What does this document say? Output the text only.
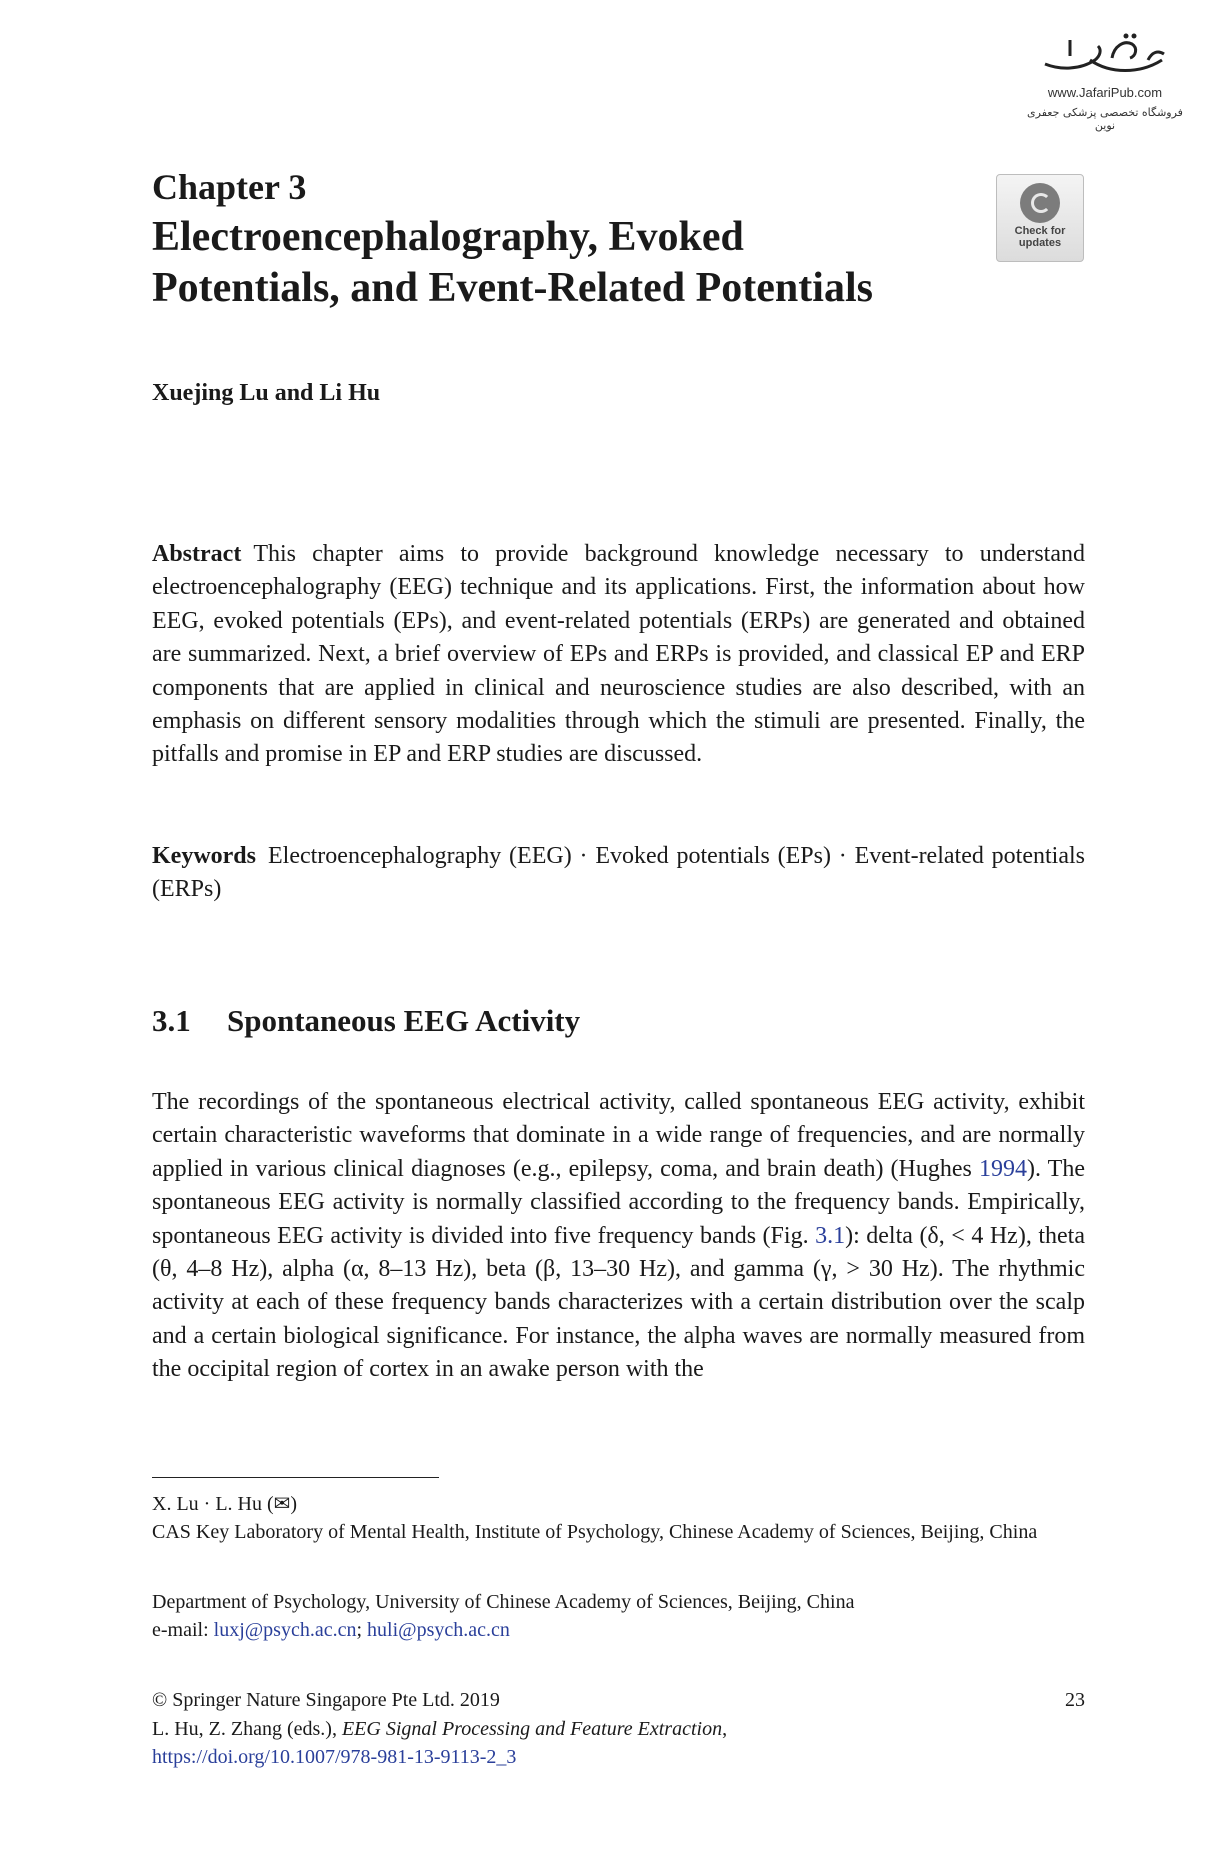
www.JafariPub.com
فروشگاه تخصصی پزشکی جعفری نوین
Check for
updates
Chapter 3
Electroencephalography, Evoked
Potentials, and Event-Related Potentials
Xuejing Lu and Li Hu

Abstract This chapter aims to provide background knowledge necessary to understand electroencephalography (EEG) technique and its applications. First, the information about how EEG, evoked potentials (EPs), and event-related potentials (ERPs) are generated and obtained are summarized. Next, a brief overview of EPs and ERPs is provided, and classical EP and ERP components that are applied in clinical and neuroscience studies are also described, with an emphasis on different sensory modalities through which the stimuli are presented. Finally, the pitfalls and promise in EP and ERP studies are discussed.

Keywords Electroencephalography (EEG) · Evoked potentials (EPs) · Event-related potentials (ERPs)

3.1 Spontaneous EEG Activity

The recordings of the spontaneous electrical activity, called spontaneous EEG activity, exhibit certain characteristic waveforms that dominate in a wide range of frequencies, and are normally applied in various clinical diagnoses (e.g., epilepsy, coma, and brain death) (Hughes 1994). The spontaneous EEG activity is normally classified according to the frequency bands. Empirically, spontaneous EEG activity is divided into five frequency bands (Fig. 3.1): delta (δ, < 4 Hz), theta (θ, 4–8 Hz), alpha (α, 8–13 Hz), beta (β, 13–30 Hz), and gamma (γ, > 30 Hz). The rhythmic activity at each of these frequency bands characterizes with a certain distribution over the scalp and a certain biological significance. For instance, the alpha waves are normally measured from the occipital region of cortex in an awake person with the

X. Lu · L. Hu (✉)
CAS Key Laboratory of Mental Health, Institute of Psychology, Chinese Academy of Sciences, Beijing, China
Department of Psychology, University of Chinese Academy of Sciences, Beijing, China
e-mail: luxj@psych.ac.cn; huli@psych.ac.cn
© Springer Nature Singapore Pte Ltd. 2019	23
L. Hu, Z. Zhang (eds.), EEG Signal Processing and Feature Extraction,
https://doi.org/10.1007/978-981-13-9113-2_3
